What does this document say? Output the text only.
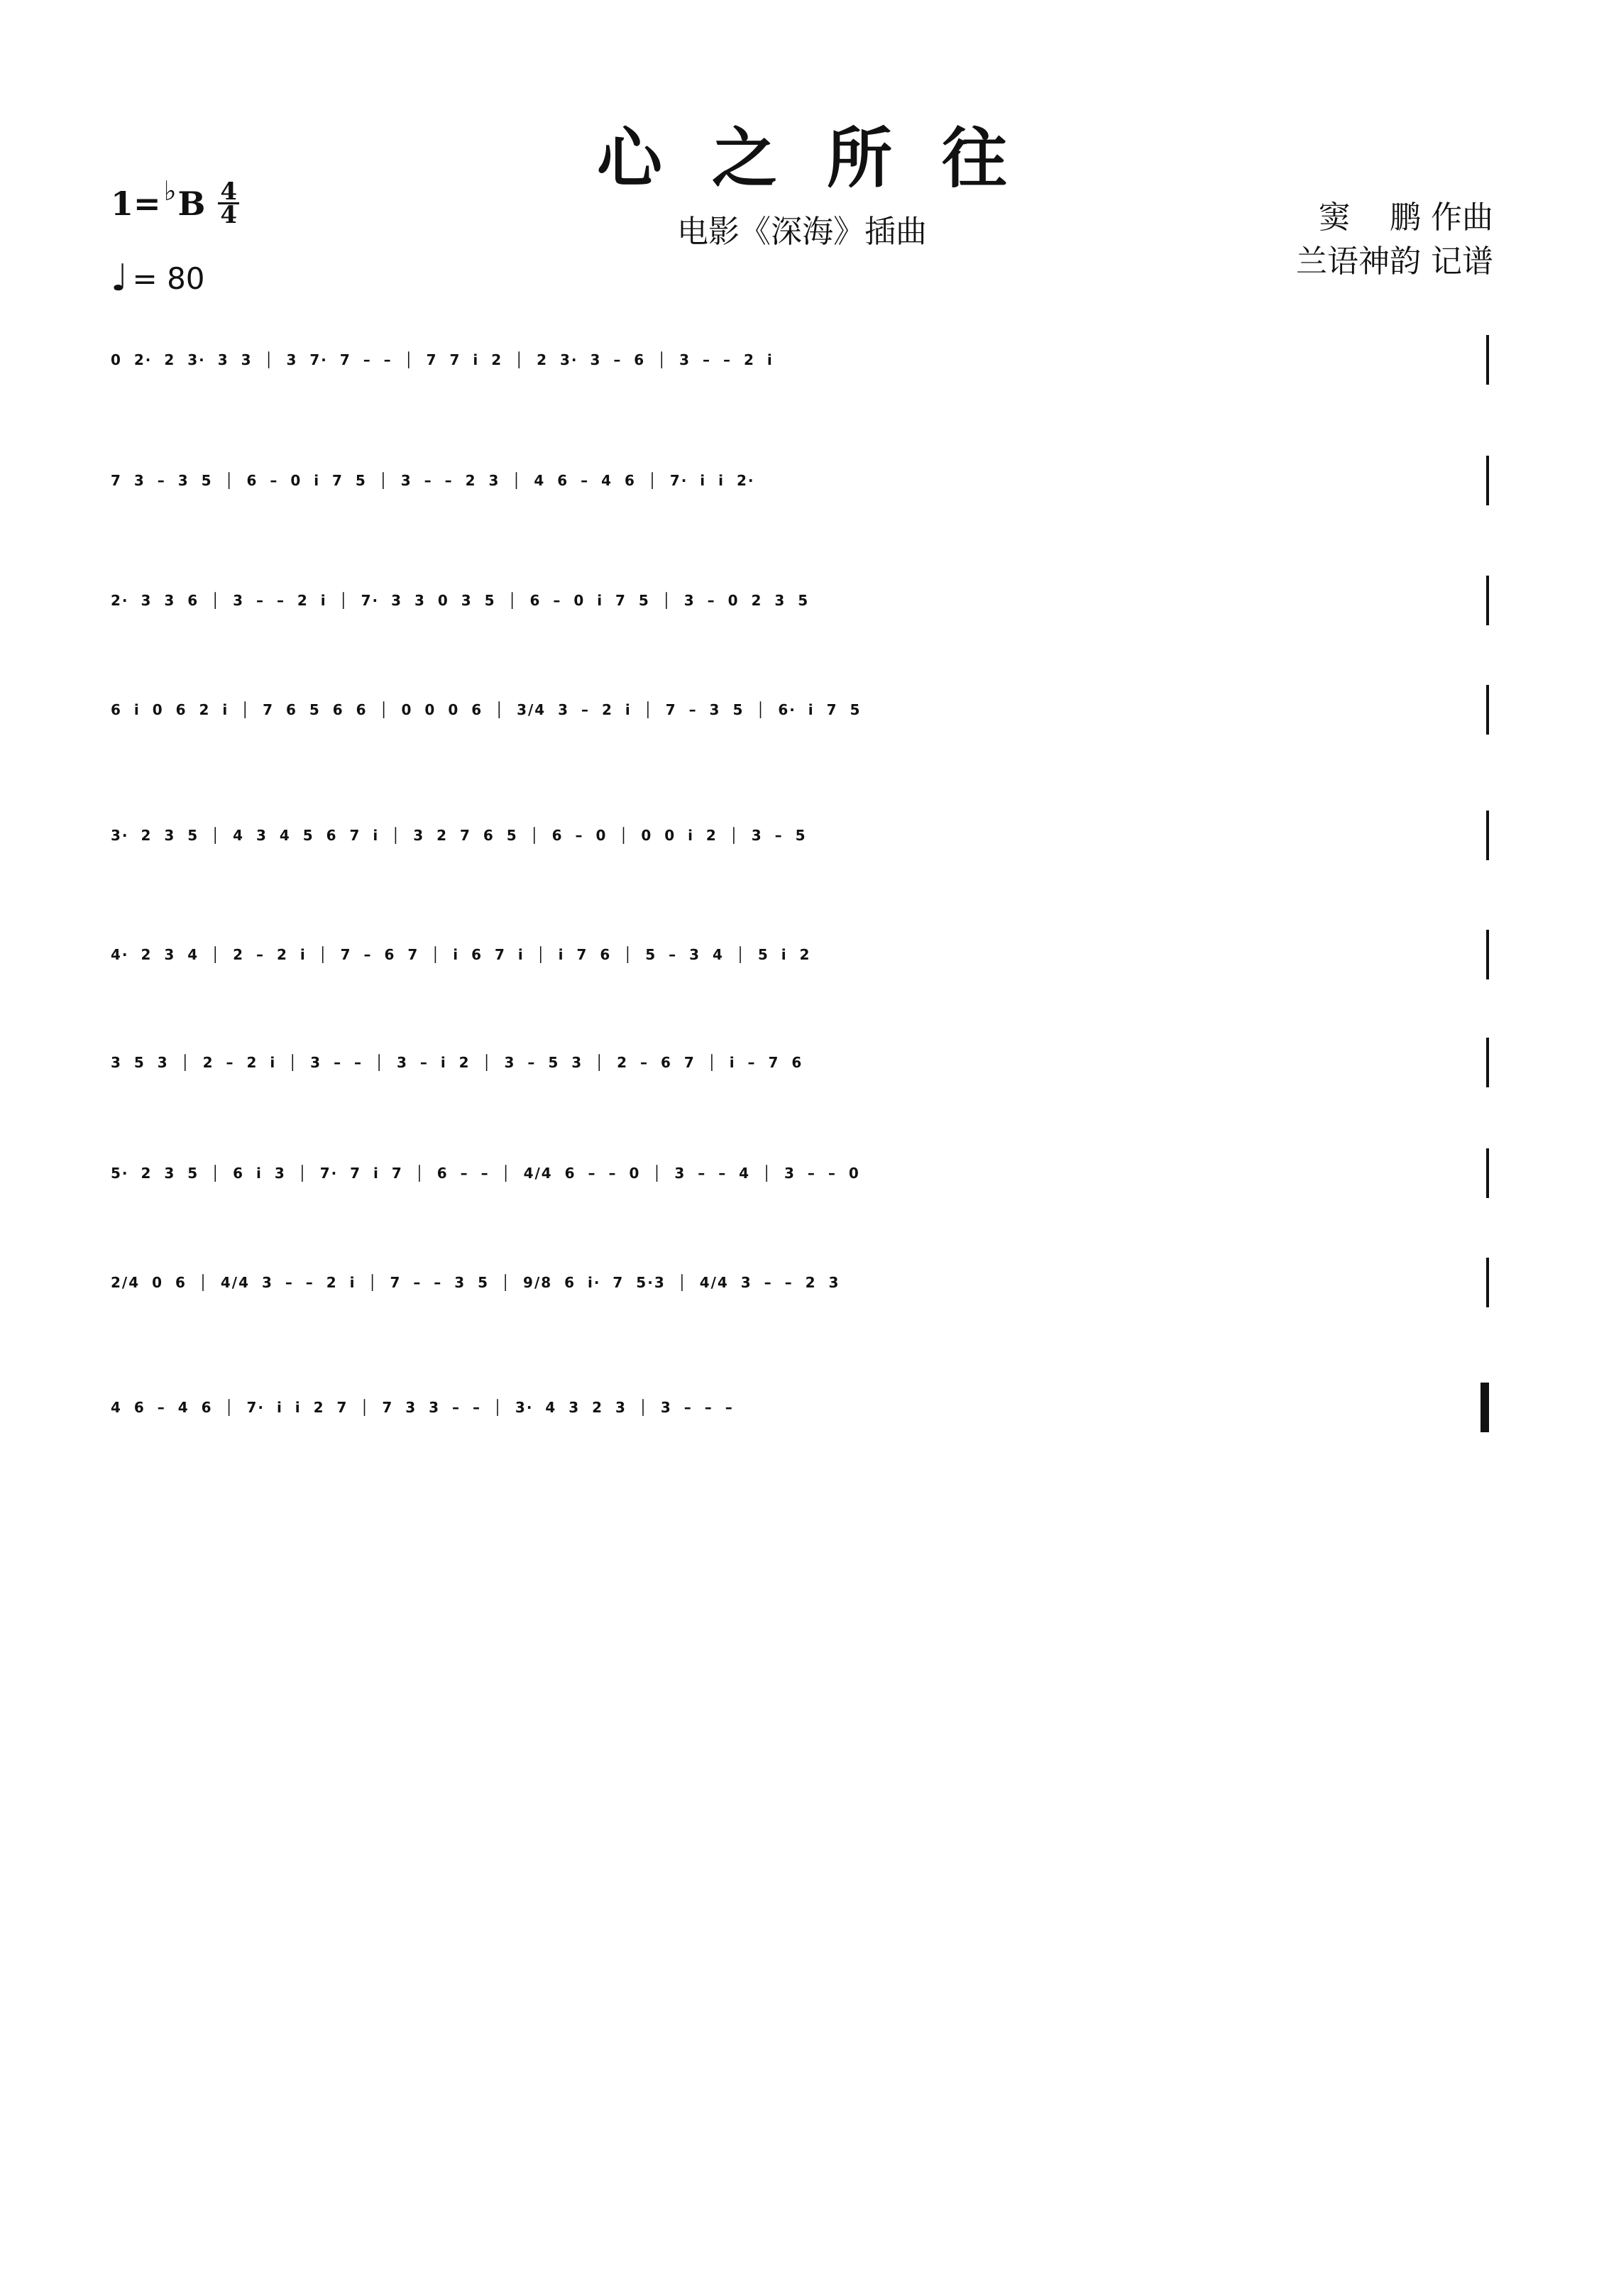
心之所往
电影《深海》插曲	窦    鹏 作曲
兰语神韵 记谱
1= ♭ B $\frac{4}{4}$
♩ = 80
0 2· 2 3· 3 3 │ 3 7· 7 – – │ 7 7 i 2 │ 2 3· 3 – 6 │ 3 – – 2 i
7 3 – 3 5 │ 6 – 0 i 7 5 │ 3 – – 2 3 │ 4 6 – 4 6 │ 7· i i 2·
2· 3 3 6 │ 3 – – 2 i │ 7· 3 3 0 3 5 │ 6 – 0 i 7 5 │ 3 – 0 2 3 5
6 i 0 6 2 i │ 7 6 5 6 6 │ 0 0 0 6 │ 3/4 3 – 2 i │ 7 – 3 5 │ 6· i 7 5
3· 2 3 5 │ 4 3 4 5 6 7 i │ 3 2 7 6 5 │ 6 – 0 │ 0 0 i 2 │ 3 – 5
4· 2 3 4 │ 2 – 2 i │ 7 – 6 7 │ i 6 7 i │ i 7 6 │ 5 – 3 4 │ 5 i 2
3 5 3 │ 2 – 2 i │ 3 – – │ 3 – i 2 │ 3 – 5 3 │ 2 – 6 7 │ i – 7 6
5· 2 3 5 │ 6 i 3 │ 7· 7 i 7 │ 6 – – │ 4/4 6 – – 0 │ 3 – – 4 │ 3 – – 0
2/4 0 6 │ 4/4 3 – – 2 i │ 7 – – 3 5 │ 9/8 6 i· 7 5·3 │ 4/4 3 – – 2 3
4 6 – 4 6 │ 7· i i 2 7 │ 7 3 3 – – │ 3· 4 3 2 3 │ 3 – – –
